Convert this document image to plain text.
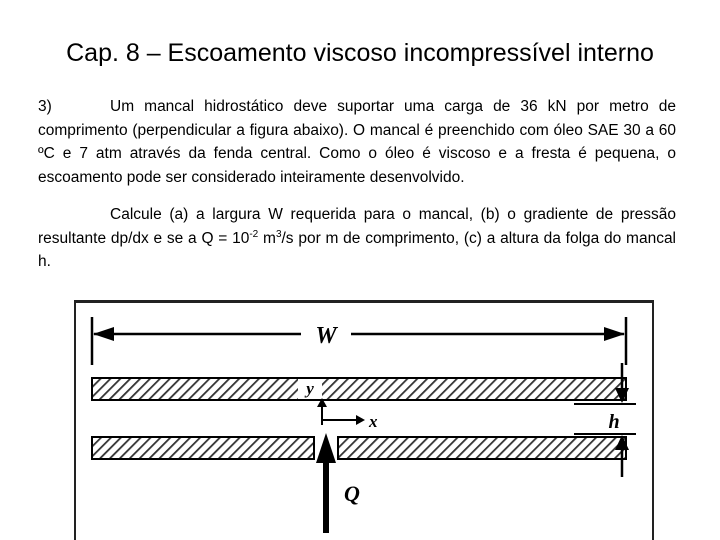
Cap. 8 – Escoamento viscoso incompressível interno

3)	Um mancal hidrostático deve suportar uma carga de 36 kN por metro de comprimento (perpendicular a figura abaixo). O mancal é preenchido com óleo SAE 30 a 60 ºC e 7 atm através da fenda central. Como o óleo é viscoso e a fresta é pequena, o escoamento pode ser considerado inteiramente desenvolvido.

Calcule (a) a largura W requerida para o mancal, (b) o gradiente de pressão resultante dp/dx e se a $Q = 10^{-2}$ $m^3/s$ por m de comprimento, (c) a altura da folga do mancal h.

W
y
x	h
Q
